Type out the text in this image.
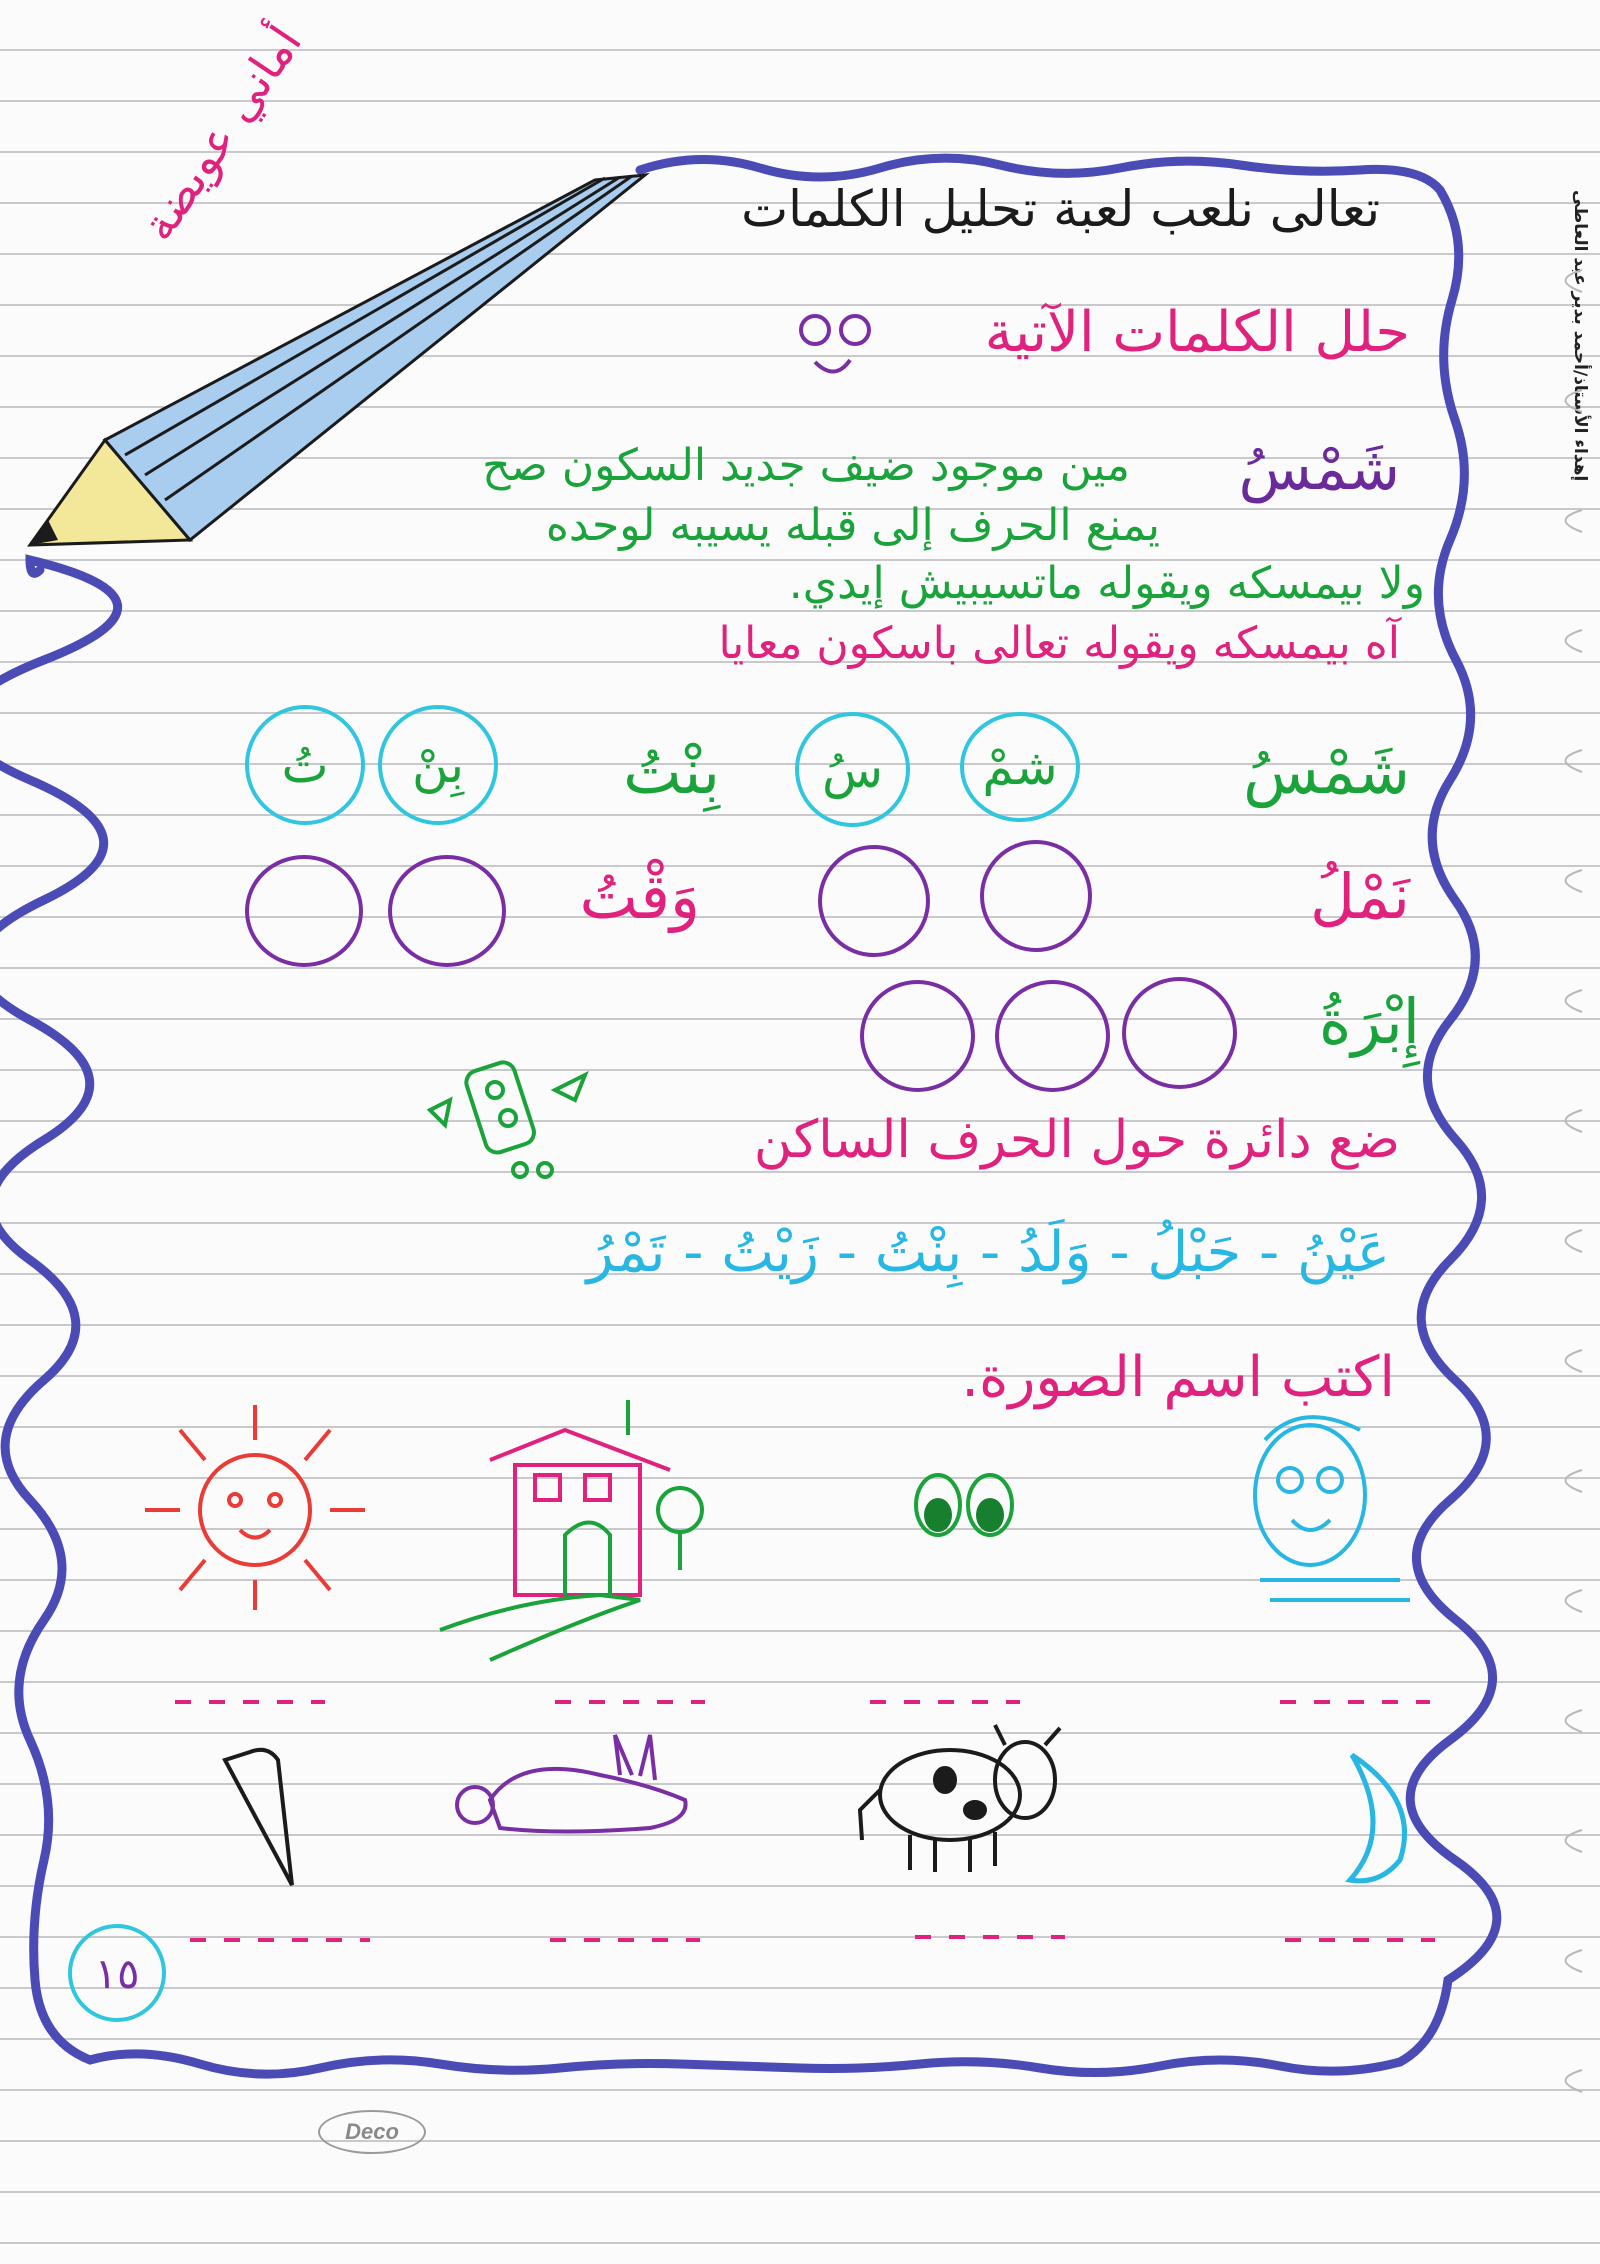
تعالى نلعب لعبة تحليل الكلمات
أماني عويضة
إهداء الأستاذ/أحمد بدير عبد العاطى
حلل الكلمات الآتية
شَمْسُ
مين موجود ضيف جديد السكون صح
يمنع الحرف إلى قبله يسيبه لوحده
ولا بيمسكه ويقوله ماتسيبيش إيدي.
آه بيمسكه ويقوله تعالى باسكون معايا
شَمْسُ
شمْ
سُ
بِنْتُ
بِنْ
تُ
نَمْلُ
وَقْتُ
إِبْرَةُ
ضع دائرة حول الحرف الساكن
عَيْنُ - حَبْلُ - وَلَدُ - بِنْتُ - زَيْتُ - تَمْرُ
اكتب اسم الصورة.
١٥
Deco
